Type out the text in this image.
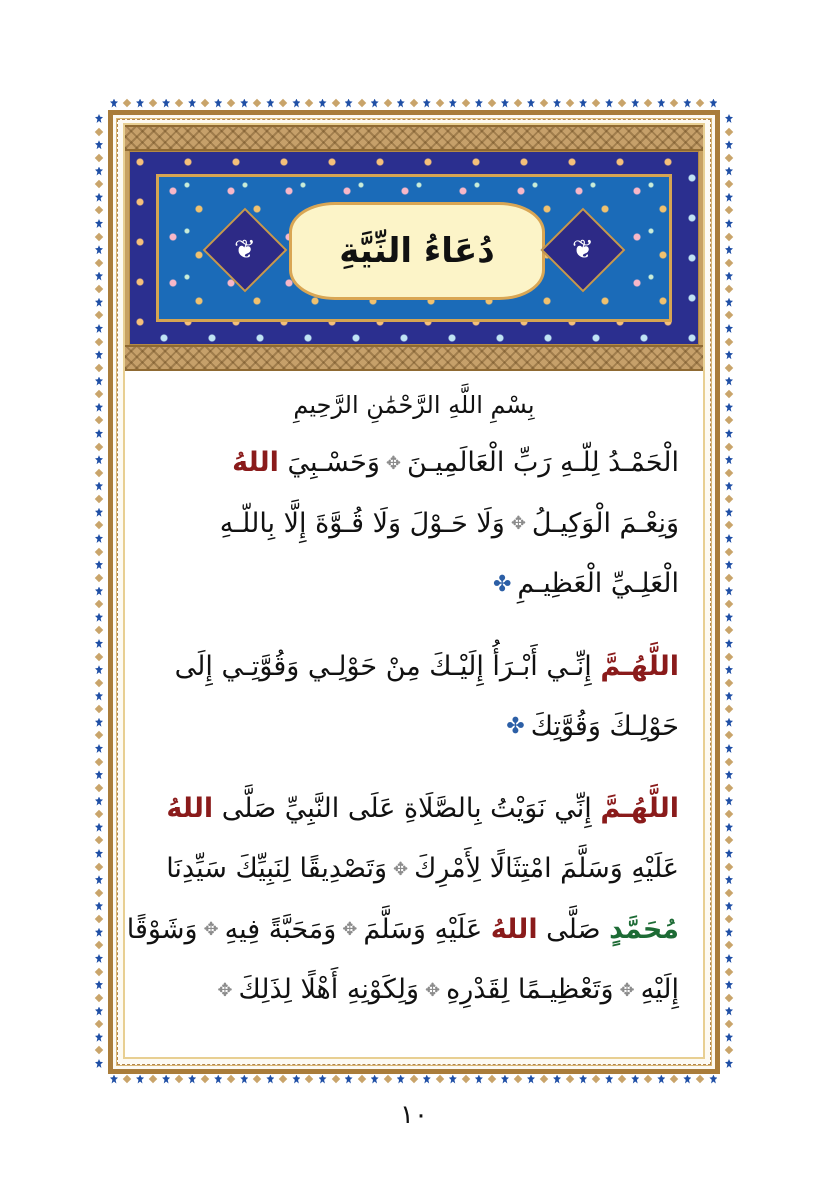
❦ دُعَاءُ النِّيَّةِ	❦
بِسْمِ اللَّهِ الرَّحْمَٰنِ الرَّحِيمِ
الْحَمْـدُ لِلّـهِ رَبِّ الْعَالَمِيـنَ✥وَحَسْـبِيَ اللهُ
وَنِعْـمَ الْوَكِيـلُ✥وَلَا حَـوْلَ وَلَا قُـوَّةَ إِلَّا بِاللّـهِ
الْعَلِـيِّ الْعَظِيـمِ✤
اللَّهُـمَّ إِنِّـي أَبْـرَأُ إِلَيْـكَ مِنْ حَوْلِـي وَقُوَّتِـي إِلَى
حَوْلِـكَ وَقُوَّتِكَ✤
اللَّهُـمَّ إِنِّي نَوَيْتُ بِالصَّلَاةِ عَلَى النَّبِيِّ صَلَّى اللهُ
عَلَيْهِ وَسَلَّمَ امْتِثَالًا لِأَمْرِكَ✥وَتَصْدِيقًا لِنَبِيِّكَ سَيِّدِنَا
مُحَمَّدٍ صَلَّى اللهُ عَلَيْهِ وَسَلَّمَ✥وَمَحَبَّةً فِيهِ✥وَشَوْقًا
إِلَيْهِ✥وَتَعْظِيـمًا لِقَدْرِهِ✥وَلِكَوْنِهِ أَهْلًا لِذَلِكَ✥
١٠
